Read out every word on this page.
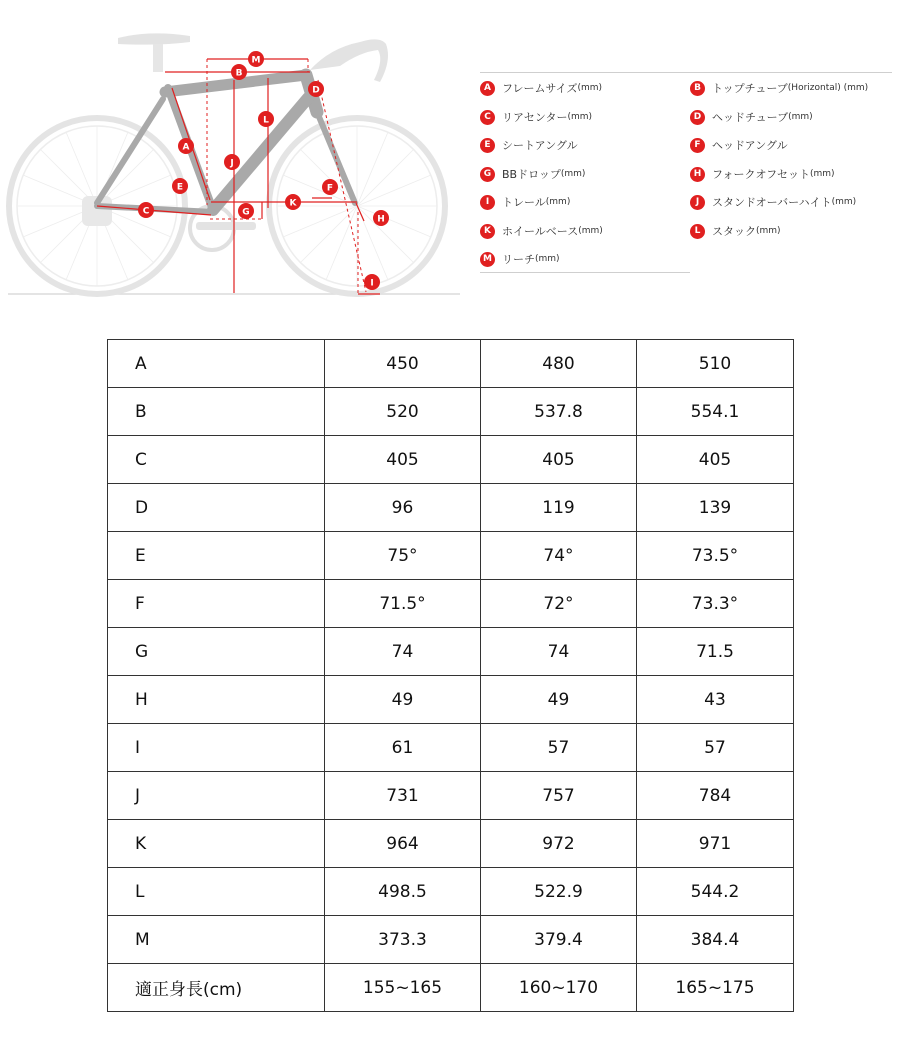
M
B
D
L
A
J
E	F
C	G
K
H
I
A	フレームサイズ (mm)
C	リアセンター (mm)
E	シートアングル
G BBドロップ (mm)
I	トレール (mm)
K	ホイールベース (mm)
M リーチ (mm)
B	トップチューブ (Horizontal) (mm)
D ヘッドチューブ (mm)
F	ヘッドアングル
H フォークオフセット (mm)
J	スタンドオーバーハイト (mm)
L	スタック (mm)
A	450	480	510
B	520	537.8	554.1
C	405	405	405
D	96	119	139
E	75°	74°	73.5°
F	71.5°	72°	73.3°
G	74	74	71.5
H	49	49	43
I	61	57	57
J	731	757	784
K	964	972	971
L	498.5	522.9	544.2
M	373.3	379.4	384.4
適正身長(cm)	155~165	160~170	165~175
